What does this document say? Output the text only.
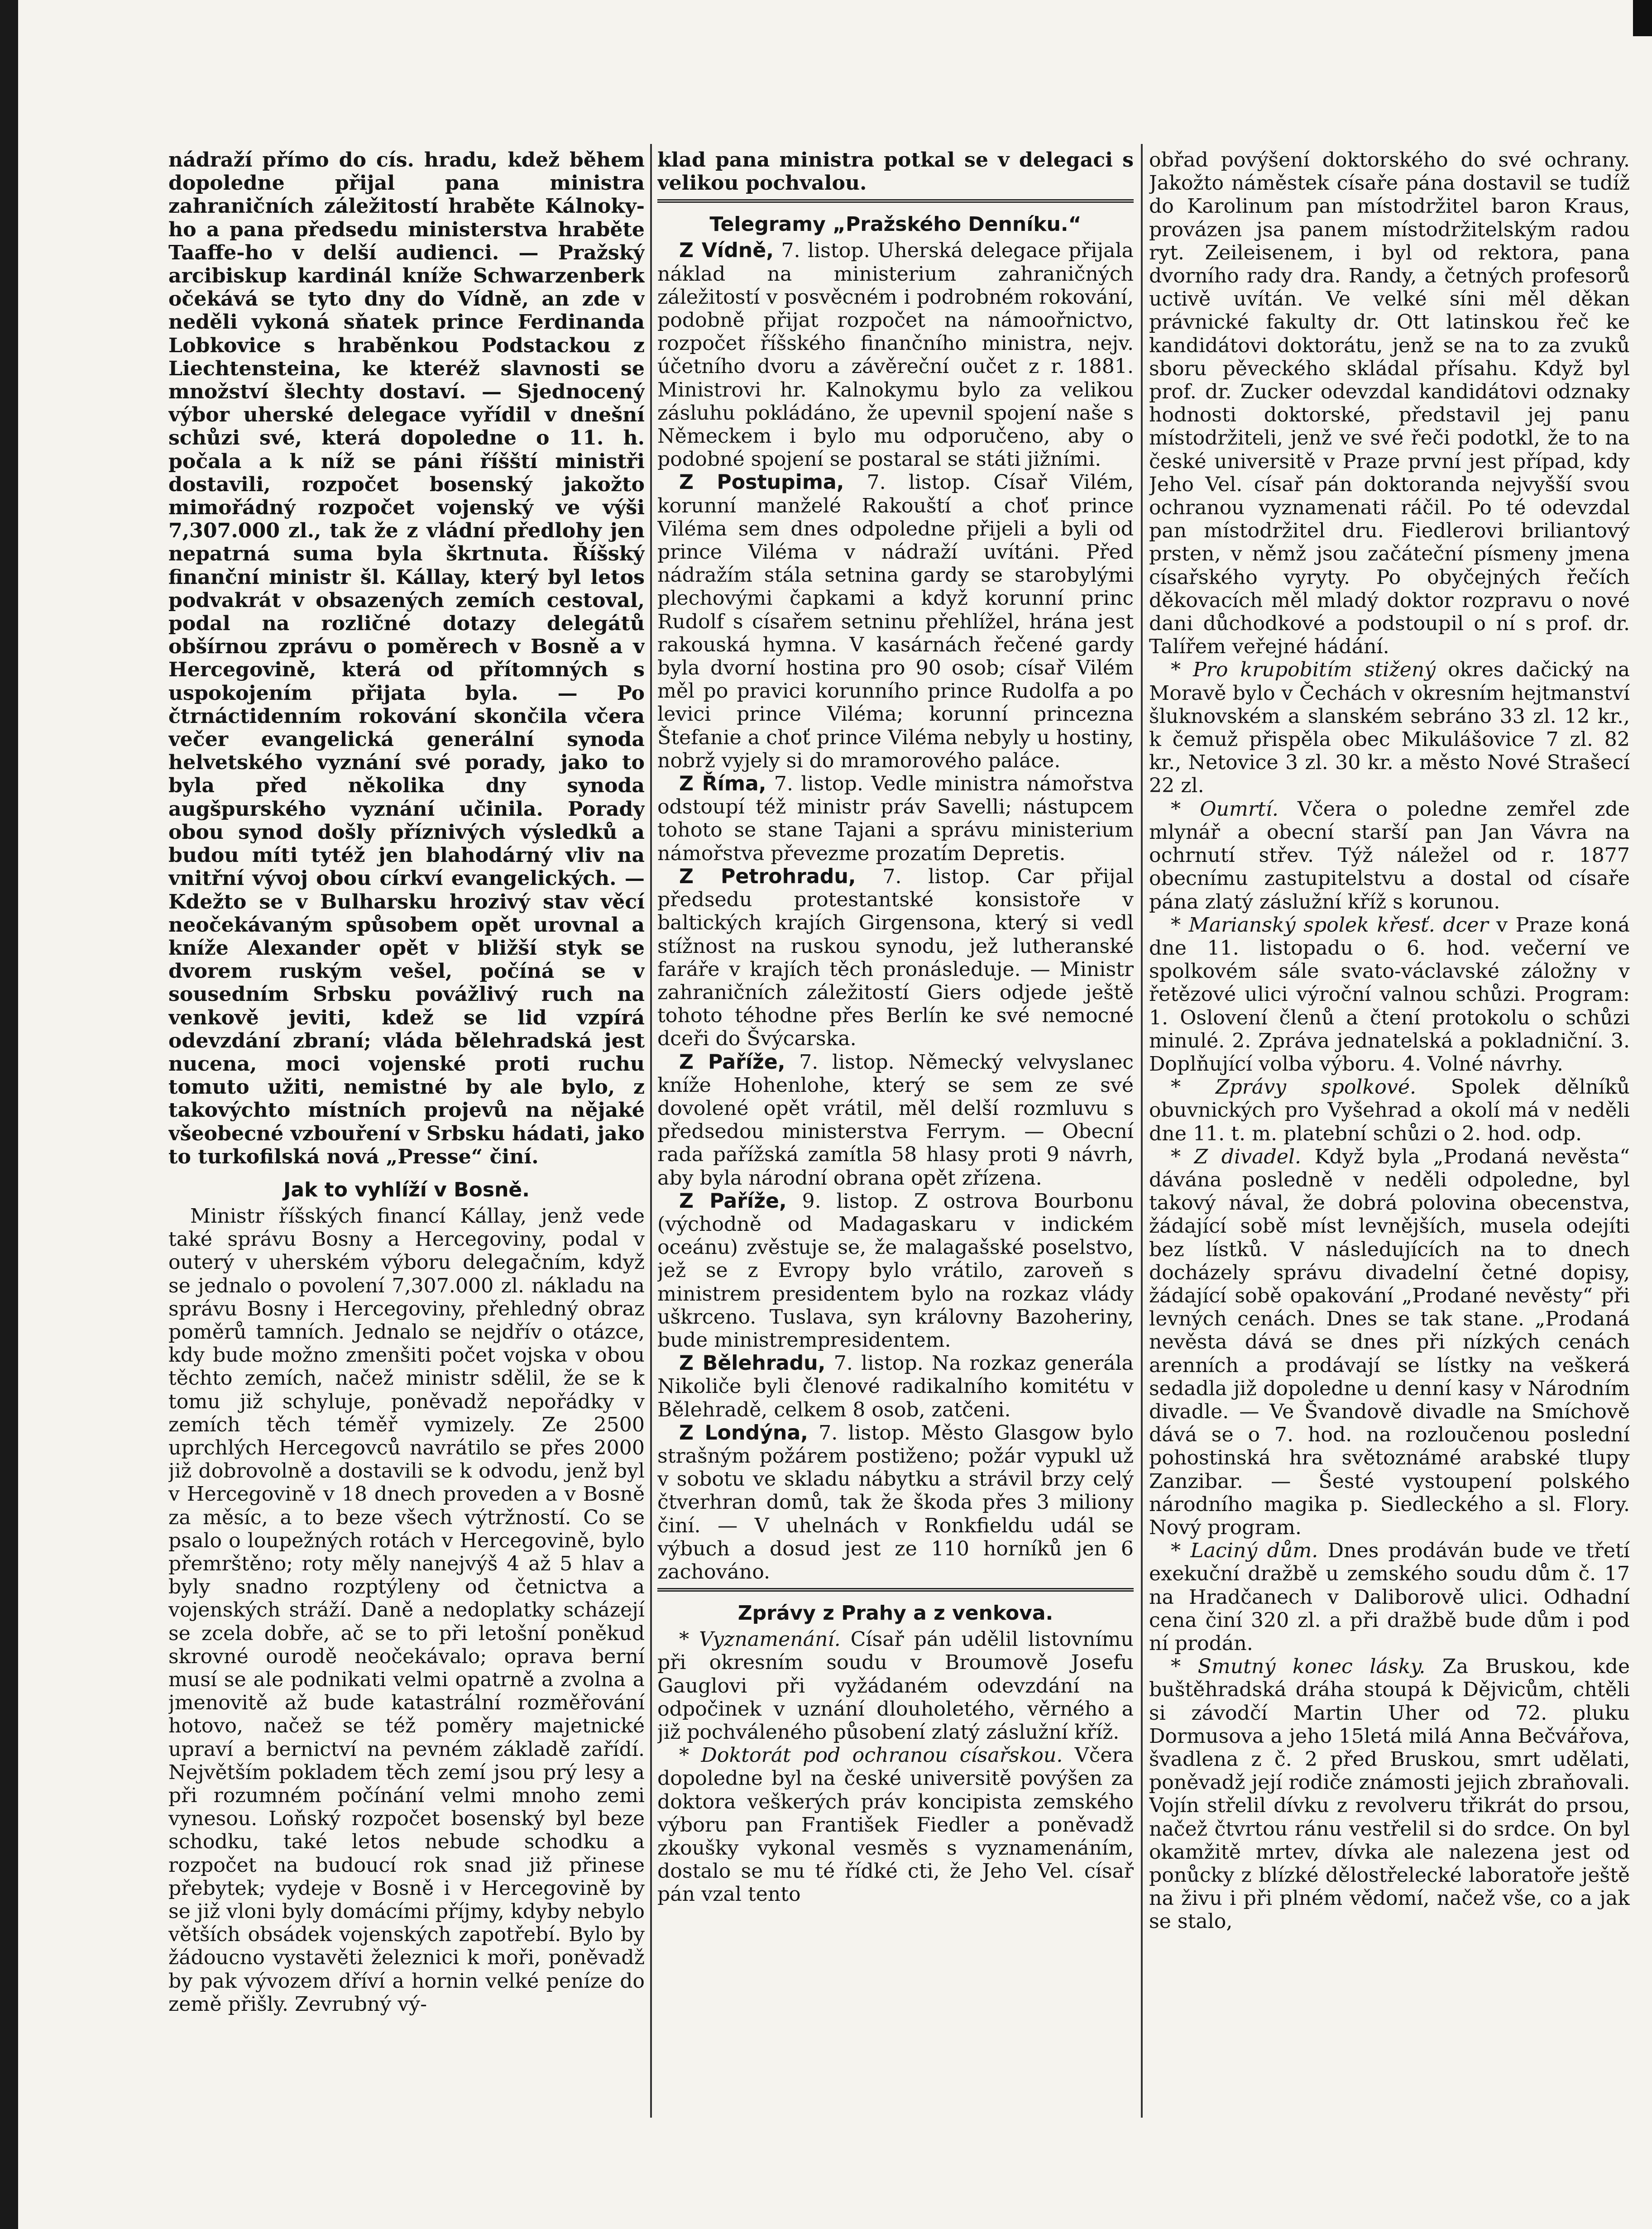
nádraží přímo do cís. hradu, kdež během dopoledne přijal pana ministra zahraničních záležitostí hraběte Kálnoky-ho a pana předsedu ministerstva hraběte Taaffe-ho v delší audienci. — Pražský arcibiskup kardinál kníže Schwarzenberk očekává se tyto dny do Vídně, an zde v neděli vykoná sňatek prince Ferdinanda Lobkovice s hraběnkou Podstackou z Liechtensteina, ke kteréž slavnosti se množství šlechty dostaví. — Sjednocený výbor uherské delegace vyřídil v dnešní schůzi své, která dopoledne o 11. h. počala a k níž se páni říšští ministři dostavili, rozpočet bosenský jakožto mimořádný rozpočet vojenský ve výši 7,307.000 zl., tak že z vládní předlohy jen nepatrná suma byla škrtnuta. Říšský finanční ministr šl. Kállay, který byl letos podvakrát v obsazených zemích cestoval, podal na rozličné dotazy delegátů obšírnou zprávu o poměrech v Bosně a v Hercegovině, která od přítomných s uspokojením přijata byla. — Po čtrnáctidenním rokování skončila včera večer evangelická generální synoda helvetského vyznání své porady, jako to byla před několika dny synoda augšpurského vyznání učinila. Porady obou synod došly příznivých výsledků a budou míti tytéž jen blahodárný vliv na vnitřní vývoj obou církví evangelických. — Kdežto se v Bulharsku hrozivý stav věcí neočekávaným spůsobem opět urovnal a kníže Alexander opět v bližší styk se dvorem ruským vešel, počíná se v sousedním Srbsku povážlivý ruch na venkově jeviti, kdež se lid vzpírá odevzdání zbraní; vláda bělehradská jest nucena, moci vojenské proti ruchu tomuto užiti, nemistné by ale bylo, z takovýchto místních projevů na nějaké všeobecné vzbouření v Srbsku hádati, jako to turkofilská nová „Presse“ činí.

Jak to vyhlíží v Bosně.

Ministr říšských financí Kállay, jenž vede také správu Bosny a Hercegoviny, podal v outerý v uherském výboru delegačním, když se jednalo o povolení 7,307.000 zl. nákladu na správu Bosny i Hercegoviny, přehledný obraz poměrů tamních. Jednalo se nejdřív o otázce, kdy bude možno zmenšiti počet vojska v obou těchto zemích, načež ministr sdělil, že se k tomu již schyluje, poněvadž nepořádky v zemích těch téměř vymizely. Ze 2500 uprchlých Hercegovců navrátilo se přes 2000 již dobrovolně a dostavili se k odvodu, jenž byl v Hercegovině v 18 dnech proveden a v Bosně za měsíc, a to beze všech výtržností. Co se psalo o loupežných rotách v Hercegovině, bylo přemrštěno; roty měly nanejvýš 4 až 5 hlav a byly snadno rozptýleny od četnictva a vojenských stráží. Daně a nedoplatky scházejí se zcela dobře, ač se to při letošní poněkud skrovné ourodě neočekávalo; oprava berní musí se ale podnikati velmi opatrně a zvolna a jmenovitě až bude katastrální rozměřování hotovo, načež se též poměry majetnické upraví a bernictví na pevném základě zařídí. Největším pokladem těch zemí jsou prý lesy a při rozumném počínání velmi mnoho zemi vynesou. Loňský rozpočet bosenský byl beze schodku, také letos nebude schodku a rozpočet na budoucí rok snad již přinese přebytek; vydeje v Bosně i v Hercegovině by se již vloni byly domácími příjmy, kdyby nebylo větších obsádek vojenských zapotřebí. Bylo by žádoucno vystavěti železnici k moři, poněvadž by pak vývozem dříví a hornin velké peníze do země přišly. Zevrubný vý-

klad pana ministra potkal se v delegaci s velikou pochvalou.

Telegramy „Pražského Denníku.“

Z Vídně, 7. listop. Uherská delegace přijala náklad na ministerium zahraničných záležitostí v posvěcném i podrobném rokování, podobně přijat rozpočet na námoořnictvo, rozpočet říšského finančního ministra, nejv. účetního dvoru a závěreční oučet z r. 1881. Ministrovi hr. Kalnokymu bylo za velikou zásluhu pokládáno, že upevnil spojení naše s Německem i bylo mu odporučeno, aby o podobné spojení se postaral se státi jižními.

Z Postupima, 7. listop. Císař Vilém, korunní manželé Rakouští a choť prince Viléma sem dnes odpoledne přijeli a byli od prince Viléma v nádraží uvítáni. Před nádražím stála setnina gardy se starobylými plechovými čapkami a když korunní princ Rudolf s císařem setninu přehlížel, hrána jest rakouská hymna. V kasárnách řečené gardy byla dvorní hostina pro 90 osob; císař Vilém měl po pravici korunního prince Rudolfa a po levici prince Viléma; korunní princezna Štefanie a choť prince Viléma nebyly u hostiny, nobrž vyjely si do mramorového paláce.

Z Říma, 7. listop. Vedle ministra námořstva odstoupí též ministr práv Savelli; nástupcem tohoto se stane Tajani a správu ministerium námořstva převezme prozatím Depretis.

Z Petrohradu, 7. listop. Car přijal předsedu protestantské konsistoře v baltických krajích Girgensona, který si vedl stížnost na ruskou synodu, jež lutheranské faráře v krajích těch pronásleduje. — Ministr zahraničních záležitostí Giers odjede ještě tohoto téhodne přes Berlín ke své nemocné dceři do Švýcarska.

Z Paříže, 7. listop. Německý velvyslanec kníže Hohenlohe, který se sem ze své dovolené opět vrátil, měl delší rozmluvu s předsedou ministerstva Ferrym. — Obecní rada pařížská zamítla 58 hlasy proti 9 návrh, aby byla národní obrana opět zřízena.

Z Paříže, 9. listop. Z ostrova Bourbonu (východně od Madagaskaru v indickém oceánu) zvěstuje se, že malagašské poselstvo, jež se z Evropy bylo vrátilo, zaroveň s ministrem presidentem bylo na rozkaz vlády uškrceno. Tuslava, syn královny Bazoheriny, bude ministrempresidentem.

Z Bělehradu, 7. listop. Na rozkaz generála Nikoliče byli členové radikalního komitétu v Bělehradě, celkem 8 osob, zatčeni.

Z Londýna, 7. listop. Město Glasgow bylo strašným požárem postiženo; požár vypukl už v sobotu ve skladu nábytku a strávil brzy celý čtverhran domů, tak že škoda přes 3 miliony činí. — V uhelnách v Ronkfieldu udál se výbuch a dosud jest ze 110 horníků jen 6 zachováno.

Zprávy z Prahy a z venkova.

* Vyznamenání. Císař pán udělil listovnímu při okresním soudu v Broumově Josefu Gauglovi při vyžádaném odevzdání na odpočinek v uznání dlouholetého, věrného a již pochváleného působení zlatý záslužní kříž.

* Doktorát pod ochranou císařskou. Včera dopoledne byl na české universitě povýšen za doktora veškerých práv koncipista zemského výboru pan František Fiedler a poněvadž zkoušky vykonal vesměs s vyznamenáním, dostalo se mu té řídké cti, že Jeho Vel. císař pán vzal tento

obřad povýšení doktorského do své ochrany. Jakožto náměstek císaře pána dostavil se tudíž do Karolinum pan místodržitel baron Kraus, provázen jsa panem místodržitelským radou ryt. Zeileisenem, i byl od rektora, pana dvorního rady dra. Randy, a četných profesorů uctivě uvítán. Ve velké síni měl děkan právnické fakulty dr. Ott latinskou řeč ke kandidátovi doktorátu, jenž se na to za zvuků sboru pěveckého skládal přísahu. Když byl prof. dr. Zucker odevzdal kandidátovi odznaky hodnosti doktorské, představil jej panu místodržiteli, jenž ve své řeči podotkl, že to na české universitě v Praze první jest případ, kdy Jeho Vel. císař pán doktoranda nejvyšší svou ochranou vyznamenati ráčil. Po té odevzdal pan místodržitel dru. Fiedlerovi briliantový prsten, v němž jsou začáteční písmeny jmena císařského vyryty. Po obyčejných řečích děkovacích měl mladý doktor rozpravu o nové dani důchodkové a podstoupil o ní s prof. dr. Talířem veřejné hádání.

* Pro krupobitím stižený okres dačický na Moravě bylo v Čechách v okresním hejtmanství šluknovském a slanském sebráno 33 zl. 12 kr., k čemuž přispěla obec Mikulášovice 7 zl. 82 kr., Netovice 3 zl. 30 kr. a město Nové Strašecí 22 zl.

* Oumrtí. Včera o poledne zemřel zde mlynář a obecní starší pan Jan Vávra na ochrnutí střev. Týž náležel od r. 1877 obecnímu zastupitelstvu a dostal od císaře pána zlatý záslužní kříž s korunou.

* Marianský spolek křesť. dcer v Praze koná dne 11. listopadu o 6. hod. večerní ve spolkovém sále svato-václavské záložny v řetězové ulici výroční valnou schůzi. Program: 1. Oslovení členů a čtení protokolu o schůzi minulé. 2. Zpráva jednatelská a pokladniční. 3. Doplňující volba výboru. 4. Volné návrhy.

* Zprávy spolkové. Spolek dělníků obuvnických pro Vyšehrad a okolí má v neděli dne 11. t. m. platební schůzi o 2. hod. odp.

* Z divadel. Když byla „Prodaná nevěsta“ dávána posledně v neděli odpoledne, byl takový nával, že dobrá polovina obecenstva, žádající sobě míst levnějších, musela odejíti bez lístků. V následujících na to dnech docházely správu divadelní četné dopisy, žádající sobě opakování „Prodané nevěsty“ při levných cenách. Dnes se tak stane. „Prodaná nevěsta dává se dnes při nízkých cenách arenních a prodávají se lístky na veškerá sedadla již dopoledne u denní kasy v Národním divadle. — Ve Švandově divadle na Smíchově dává se o 7. hod. na rozloučenou poslední pohostinská hra světoznámé arabské tlupy Zanzibar. — Šesté vystoupení polského národního magika p. Siedleckého a sl. Flory. Nový program.

* Laciný dům. Dnes prodáván bude ve třetí exekuční dražbě u zemského soudu dům č. 17 na Hradčanech v Daliborově ulici. Odhadní cena činí 320 zl. a při dražbě bude dům i pod ní prodán.

* Smutný konec lásky. Za Bruskou, kde buštěhradská dráha stoupá k Dějvicům, chtěli si závodčí Martin Uher od 72. pluku Dormusova a jeho 15letá milá Anna Bečvářova, švadlena z č. 2 před Bruskou, smrt udělati, poněvadž její rodiče známosti jejich zbraňovali. Vojín střelil dívku z revolveru třikrát do prsou, načež čtvrtou ránu vestřelil si do srdce. On byl okamžitě mrtev, dívka ale nalezena jest od ponůcky z blízké dělostřelecké laboratoře ještě na živu i při plném vědomí, načež vše, co a jak se stalo,
